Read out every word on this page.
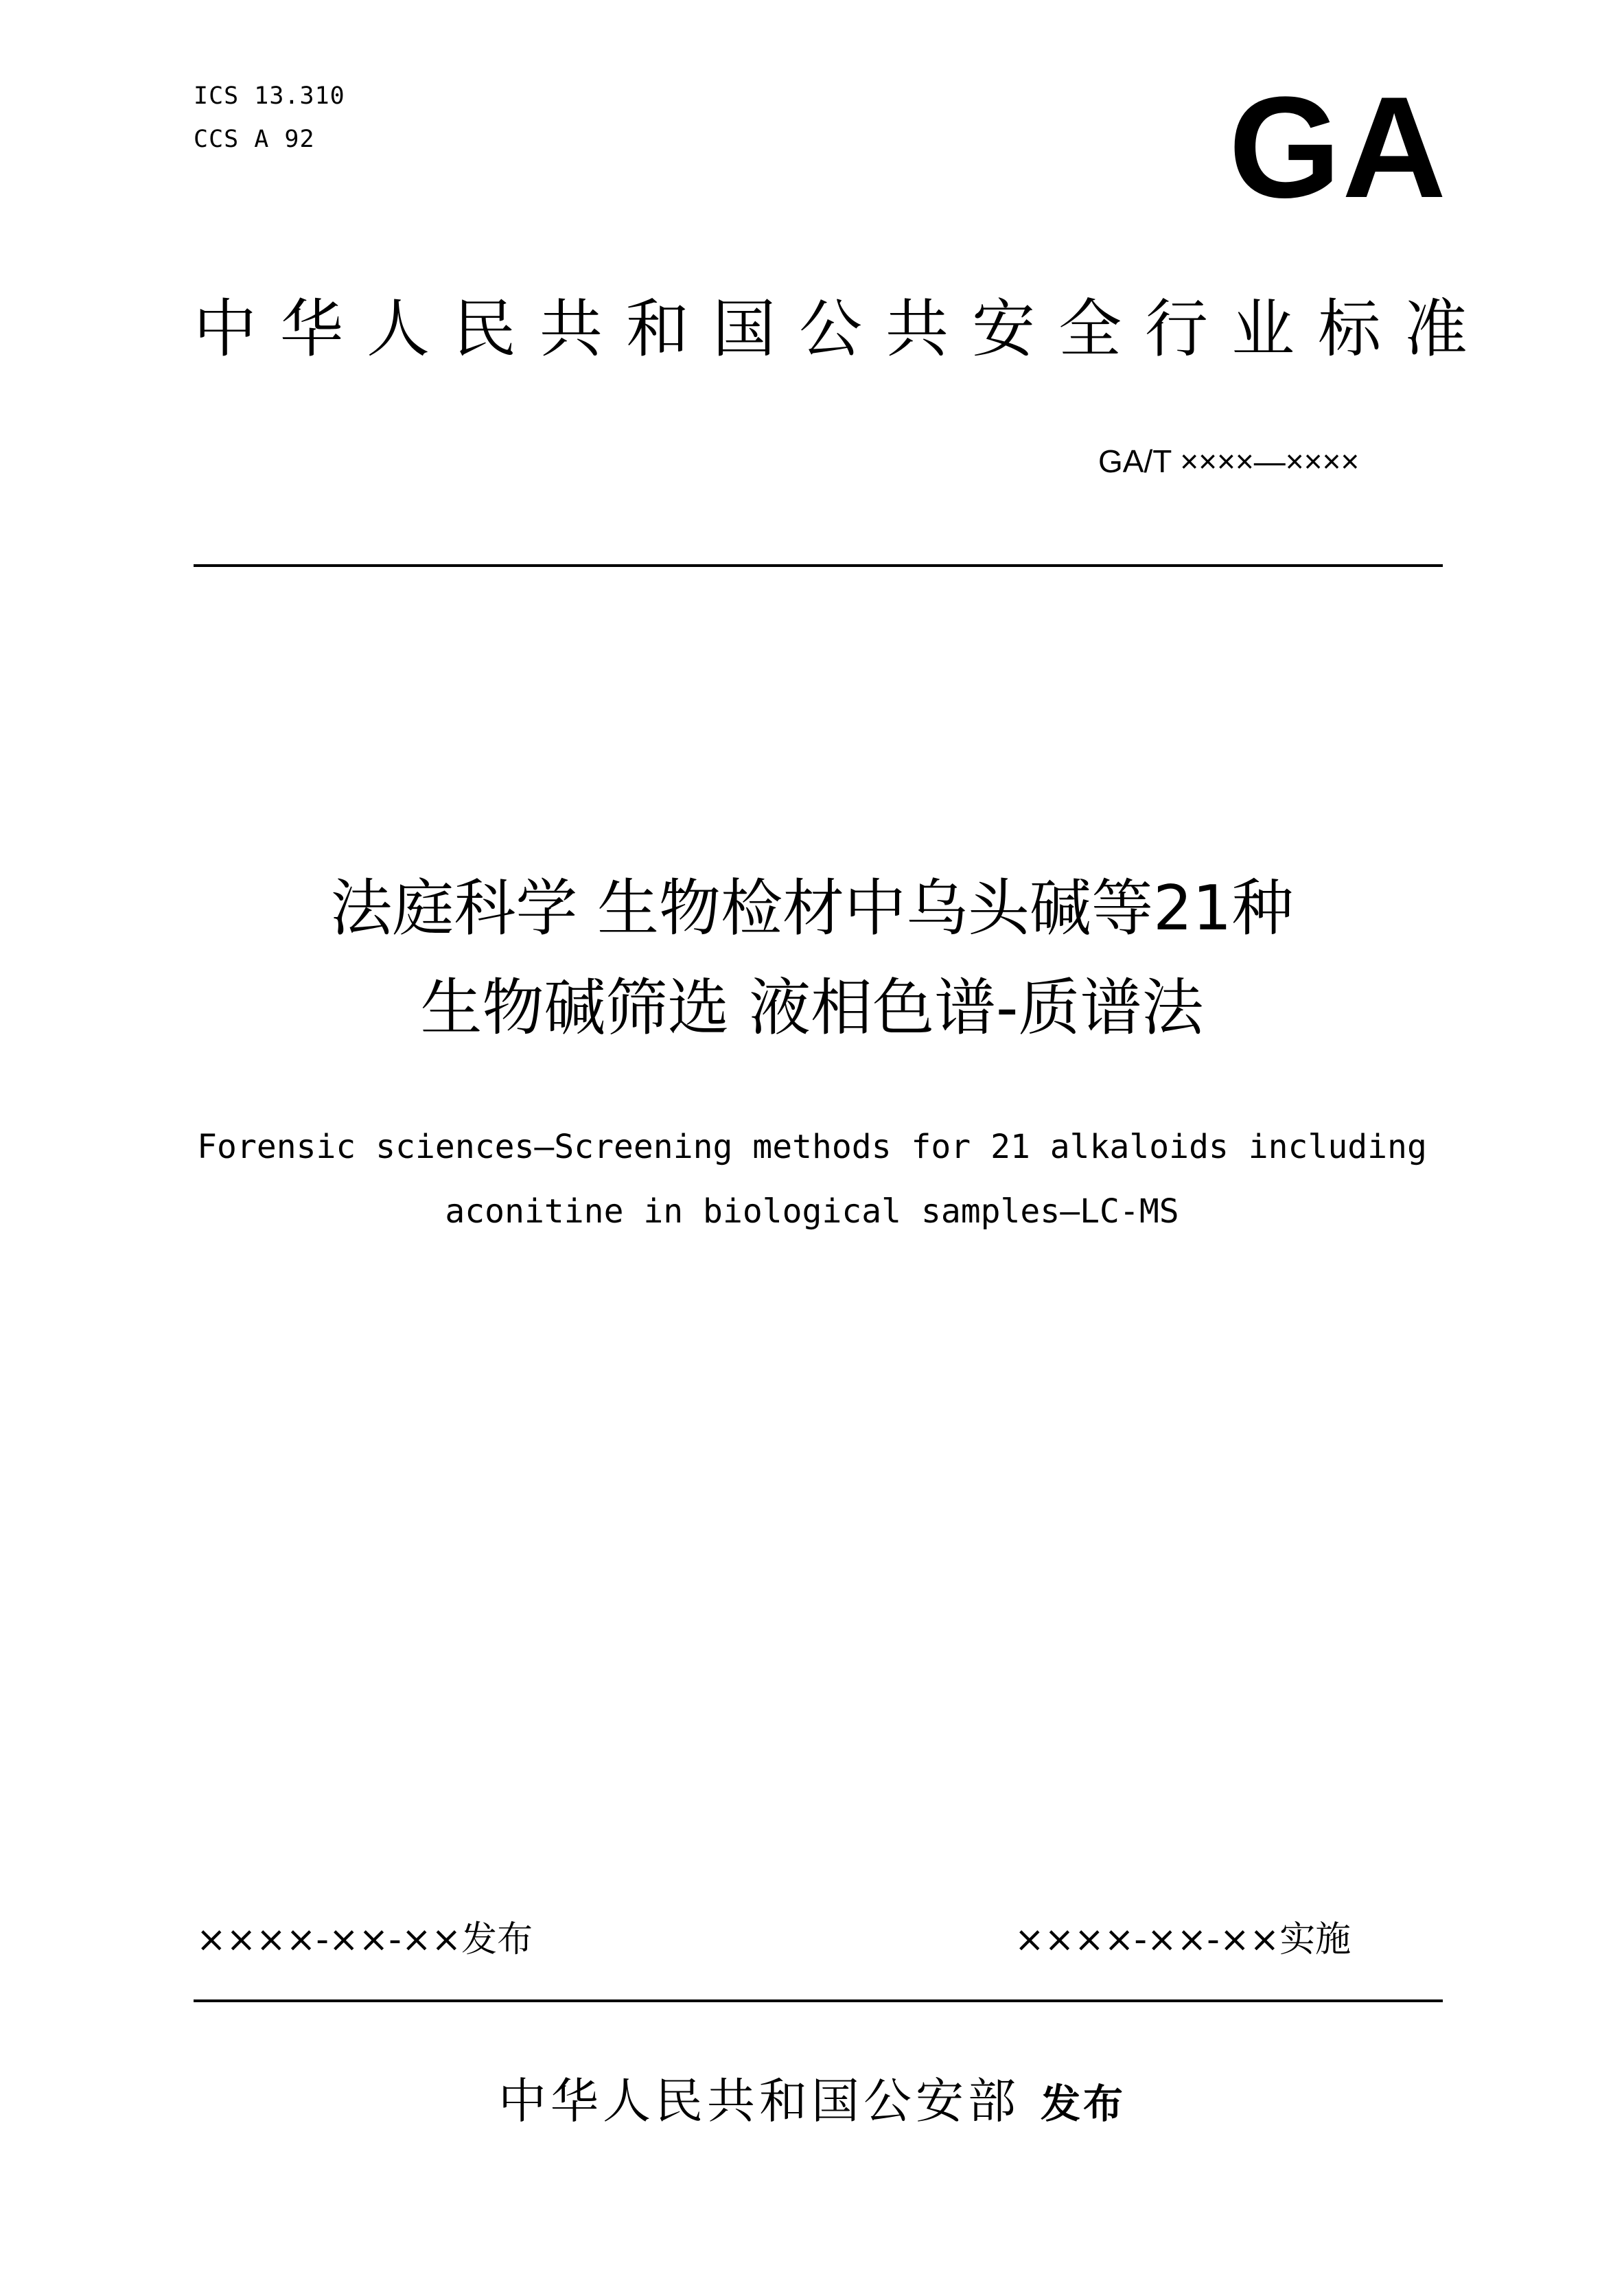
ICS 13.310
CCS A 92	GA
中华人民共和国公共安全行业标准
GA/T ××××—××××
法庭科学 生物检材中乌头碱等21种
生物碱筛选 液相色谱-质谱法
Forensic sciences—Screening methods for 21 alkaloids including
aconitine in biological samples—LC-MS
××××-××-××发布	××××-××-××实施
中华人民共和国公安部 发布
